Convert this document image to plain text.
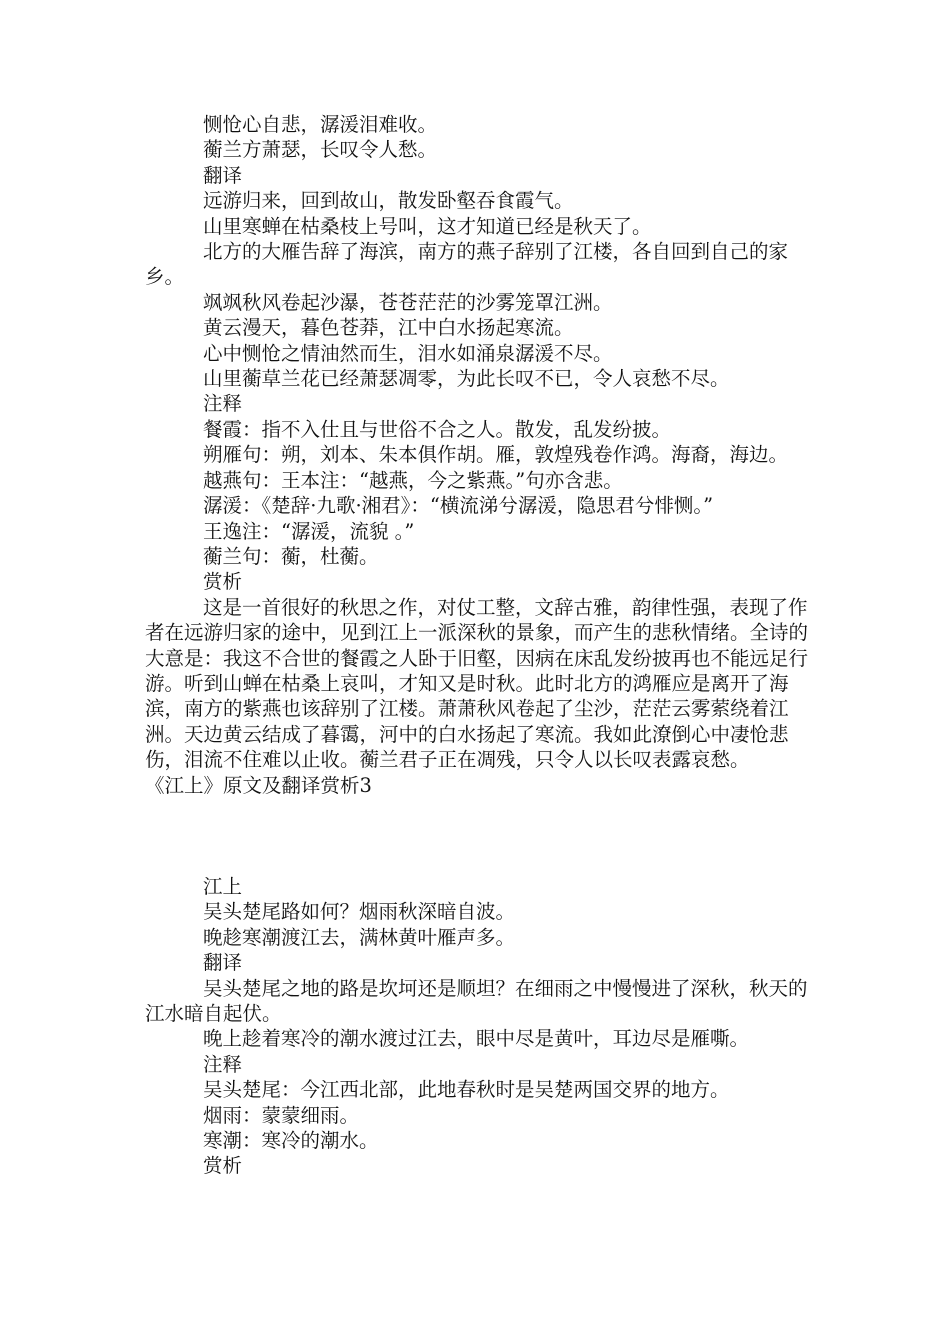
恻怆心自悲，潺湲泪难收。

蘅兰方萧瑟，长叹令人愁。

翻译

远游归来，回到故山，散发卧壑吞食霞气。

山里寒蝉在枯桑枝上号叫，这才知道已经是秋天了。

北方的大雁告辞了海滨，南方的燕子辞别了江楼，各自回到自己的家乡。

飒飒秋风卷起沙瀑，苍苍茫茫的沙雾笼罩江洲。

黄云漫天，暮色苍莽，江中白水扬起寒流。

心中恻怆之情油然而生，泪水如涌泉潺湲不尽。

山里蘅草兰花已经萧瑟凋零，为此长叹不已，令人哀愁不尽。

注释

餐霞：指不入仕且与世俗不合之人。散发，乱发纷披。

朔雁句：朔，刘本、朱本俱作胡。雁，敦煌残卷作鸿。海裔，海边。

越燕句：王本注：“越燕，今之紫燕。”句亦含悲。

潺湲：《楚辞·九歌·湘君》：“横流涕兮潺湲，隐思君兮悱恻。”

王逸注：“潺湲，流貌 。”

蘅兰句：蘅，杜蘅。

赏析

这是一首很好的秋思之作，对仗工整，文辞古雅，韵律性强，表现了作者在远游归家的途中，见到江上一派深秋的景象，而产生的悲秋情绪。全诗的大意是：我这不合世的餐霞之人卧于旧壑，因病在床乱发纷披再也不能远足行游。听到山蝉在枯桑上哀叫，才知又是时秋。此时北方的鸿雁应是离开了海滨，南方的紫燕也该辞别了江楼。萧萧秋风卷起了尘沙，茫茫云雾萦绕着江洲。天边黄云结成了暮霭，河中的白水扬起了寒流。我如此潦倒心中凄怆悲伤，泪流不住难以止收。蘅兰君子正在凋残，只令人以长叹表露哀愁。

《江上》原文及翻译赏析3

江上

吴头楚尾路如何？烟雨秋深暗自波。

晚趁寒潮渡江去，满林黄叶雁声多。

翻译

吴头楚尾之地的路是坎坷还是顺坦？在细雨之中慢慢进了深秋，秋天的江水暗自起伏。

晚上趁着寒冷的潮水渡过江去，眼中尽是黄叶，耳边尽是雁嘶。

注释

吴头楚尾：今江西北部，此地春秋时是吴楚两国交界的地方。

烟雨：蒙蒙细雨。

寒潮：寒冷的潮水。

赏析
